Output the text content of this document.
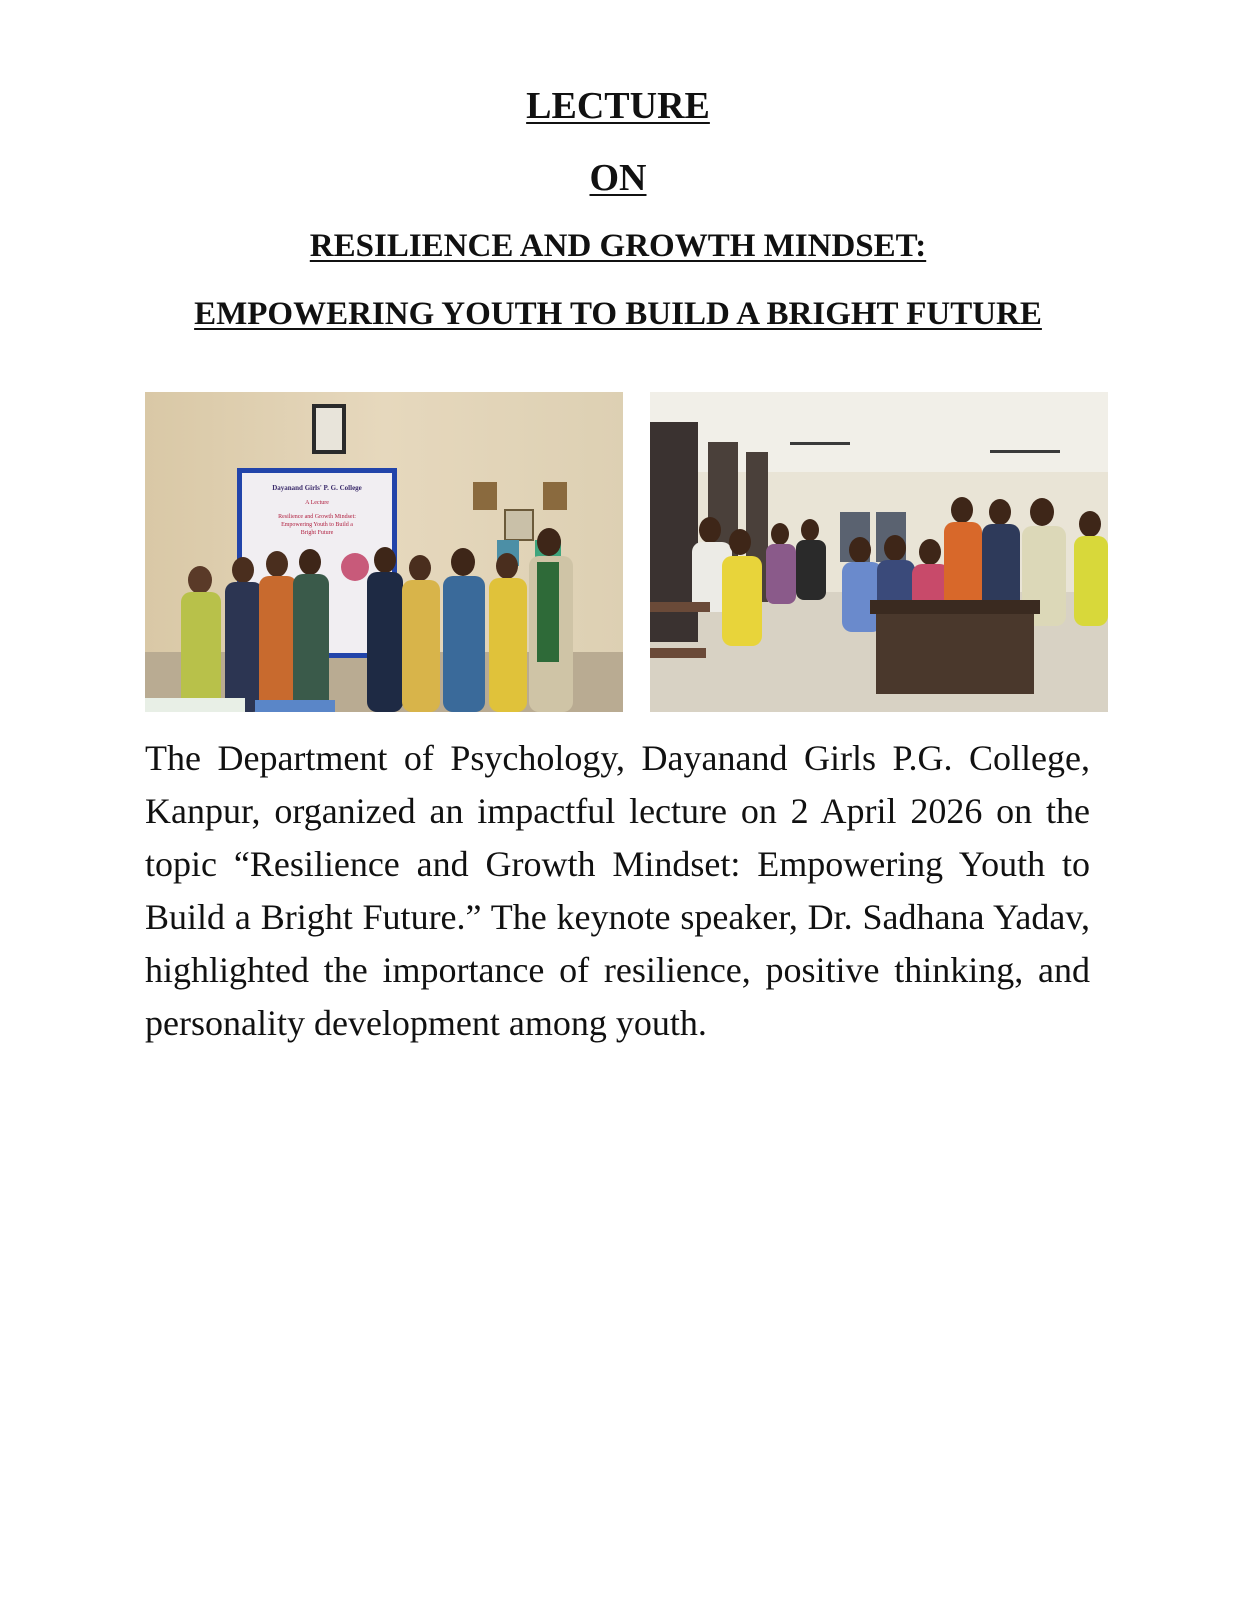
LECTURE
ON
RESILIENCE AND GROWTH MINDSET:
EMPOWERING YOUTH TO BUILD A BRIGHT FUTURE
Dayanand Girls' P. G. College
A Lecture
Resilience and Growth Mindset:
Empowering Youth to Build a
Bright Future

The Department of Psychology, Dayanand Girls P.G. College, Kanpur, organized an impactful lecture on 2 April 2026 on the topic “Resilience and Growth Mindset: Empowering Youth to Build a Bright Future.” The keynote speaker, Dr. Sadhana Yadav, highlighted the importance of resilience, positive thinking, and personality development among youth.
